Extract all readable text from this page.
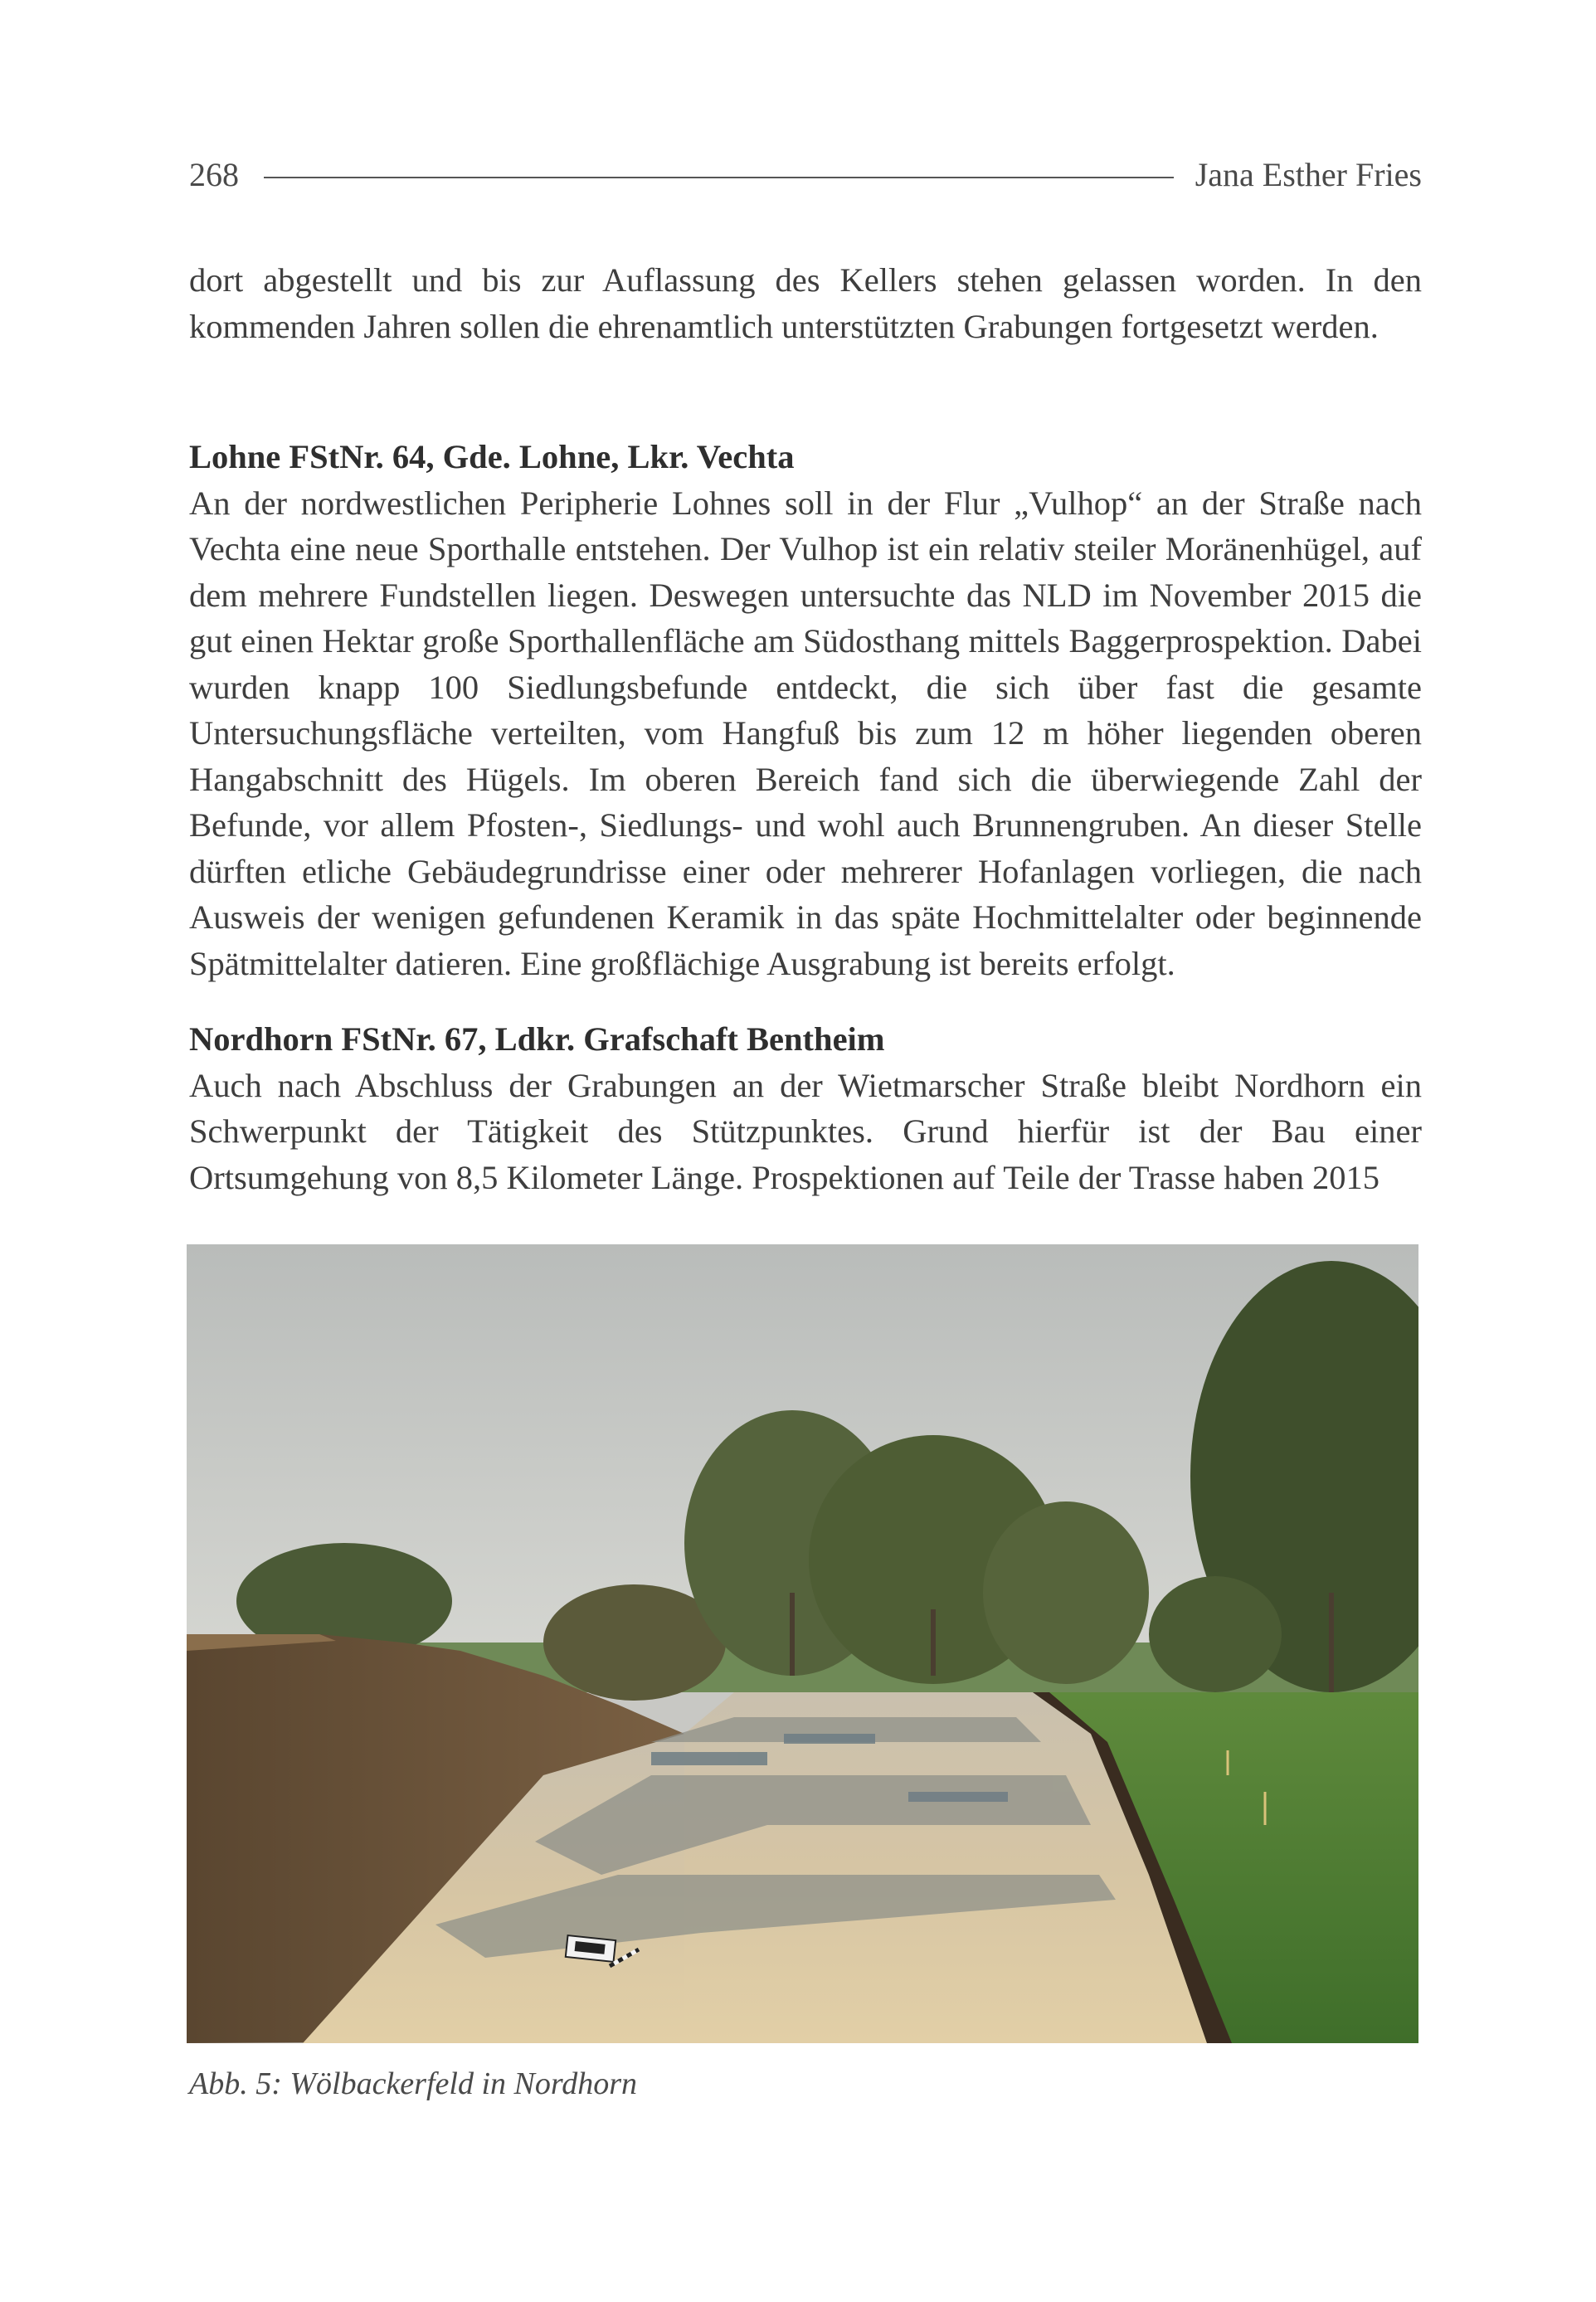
268	Jana Esther Fries

dort abgestellt und bis zur Auflassung des Kellers stehen gelassen worden. In den kommenden Jahren sollen die ehrenamtlich unterstützten Grabungen fortgesetzt werden.

Lohne FStNr. 64, Gde. Lohne, Lkr. Vechta

An der nordwestlichen Peripherie Lohnes soll in der Flur „Vulhop“ an der Straße nach Vechta eine neue Sporthalle entstehen. Der Vulhop ist ein relativ steiler Moränenhügel, auf dem mehrere Fundstellen liegen. Deswegen untersuchte das NLD im November 2015 die gut einen Hektar große Sporthallenfläche am Südosthang mittels Baggerprospektion. Dabei wurden knapp 100 Siedlungsbefunde entdeckt, die sich über fast die gesamte Untersuchungsfläche verteilten, vom Hangfuß bis zum 12 m höher liegenden oberen Hangabschnitt des Hügels. Im oberen Bereich fand sich die überwiegende Zahl der Befunde, vor allem Pfosten-, Siedlungs- und wohl auch Brunnengruben. An dieser Stelle dürften etliche Gebäudegrundrisse einer oder mehrerer Hofanlagen vorliegen, die nach Ausweis der wenigen gefundenen Keramik in das späte Hochmittelalter oder beginnende Spätmittelalter datieren. Eine großflächige Ausgrabung ist bereits erfolgt.

Nordhorn FStNr. 67, Ldkr. Grafschaft Bentheim

Auch nach Abschluss der Grabungen an der Wietmarscher Straße bleibt Nordhorn ein Schwerpunkt der Tätigkeit des Stützpunktes. Grund hierfür ist der Bau einer Ortsumgehung von 8,5 Kilometer Länge. Prospektionen auf Teile der Trasse haben 2015

Abb. 5: Wölbackerfeld in Nordhorn
